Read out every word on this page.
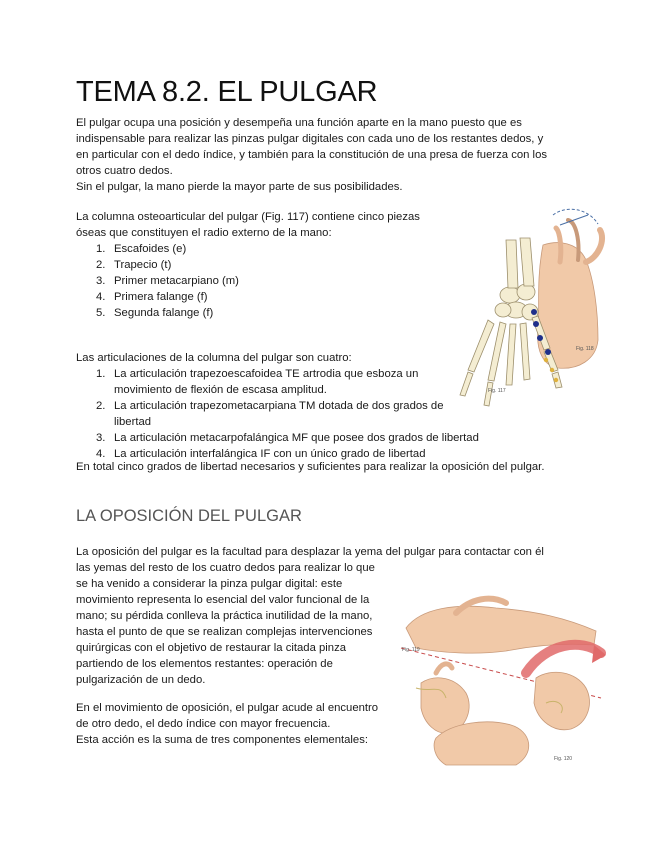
TEMA 8.2. EL PULGAR

El pulgar ocupa una posición y desempeña una función aparte en la mano puesto que es
indispensable para realizar las pinzas pulgar digitales con cada uno de los restantes dedos, y
en particular con el dedo índice, y también para la constitución de una presa de fuerza con los
otros cuatro dedos.
Sin el pulgar, la mano pierde la mayor parte de sus posibilidades.

La columna osteoarticular del pulgar (Fig. 117) contiene cinco piezas
óseas que constituyen el radio externo de la mano:

1. Escafoides (e)
2. Trapecio (t)
3. Primer metacarpiano (m)
4. Primera falange (f)
5. Segunda falange (f)

Las articulaciones de la columna del pulgar son cuatro:

1. La articulación trapezoescafoidea TE artrodia que esboza un movimiento de flexión de escasa amplitud.
2. La articulación trapezometacarpiana TM dotada de dos grados de libertad
3. La articulación metacarpofalángica MF que posee dos grados de libertad
4. La articulación interfalángica IF con un único grado de libertad

En total cinco grados de libertad necesarios y suficientes para realizar la oposición del pulgar.

LA OPOSICIÓN DEL PULGAR

La oposición del pulgar es la facultad para desplazar la yema del pulgar para contactar con él
las yemas del resto de los cuatro dedos para realizar lo que
se ha venido a considerar la pinza pulgar digital: este
movimiento representa lo esencial del valor funcional de la
mano; su pérdida conlleva la práctica inutilidad de la mano,
hasta el punto de que se realizan complejas intervenciones
quirúrgicas con el objetivo de restaurar la citada pinza
partiendo de los elementos restantes: operación de
pulgarización de un dedo.

En el movimiento de oposición, el pulgar acude al encuentro
de otro dedo, el dedo índice con mayor frecuencia.
Esta acción es la suma de tres componentes elementales:

Fig. 117
Fig. 118
Fig. 119
Fig. 120
